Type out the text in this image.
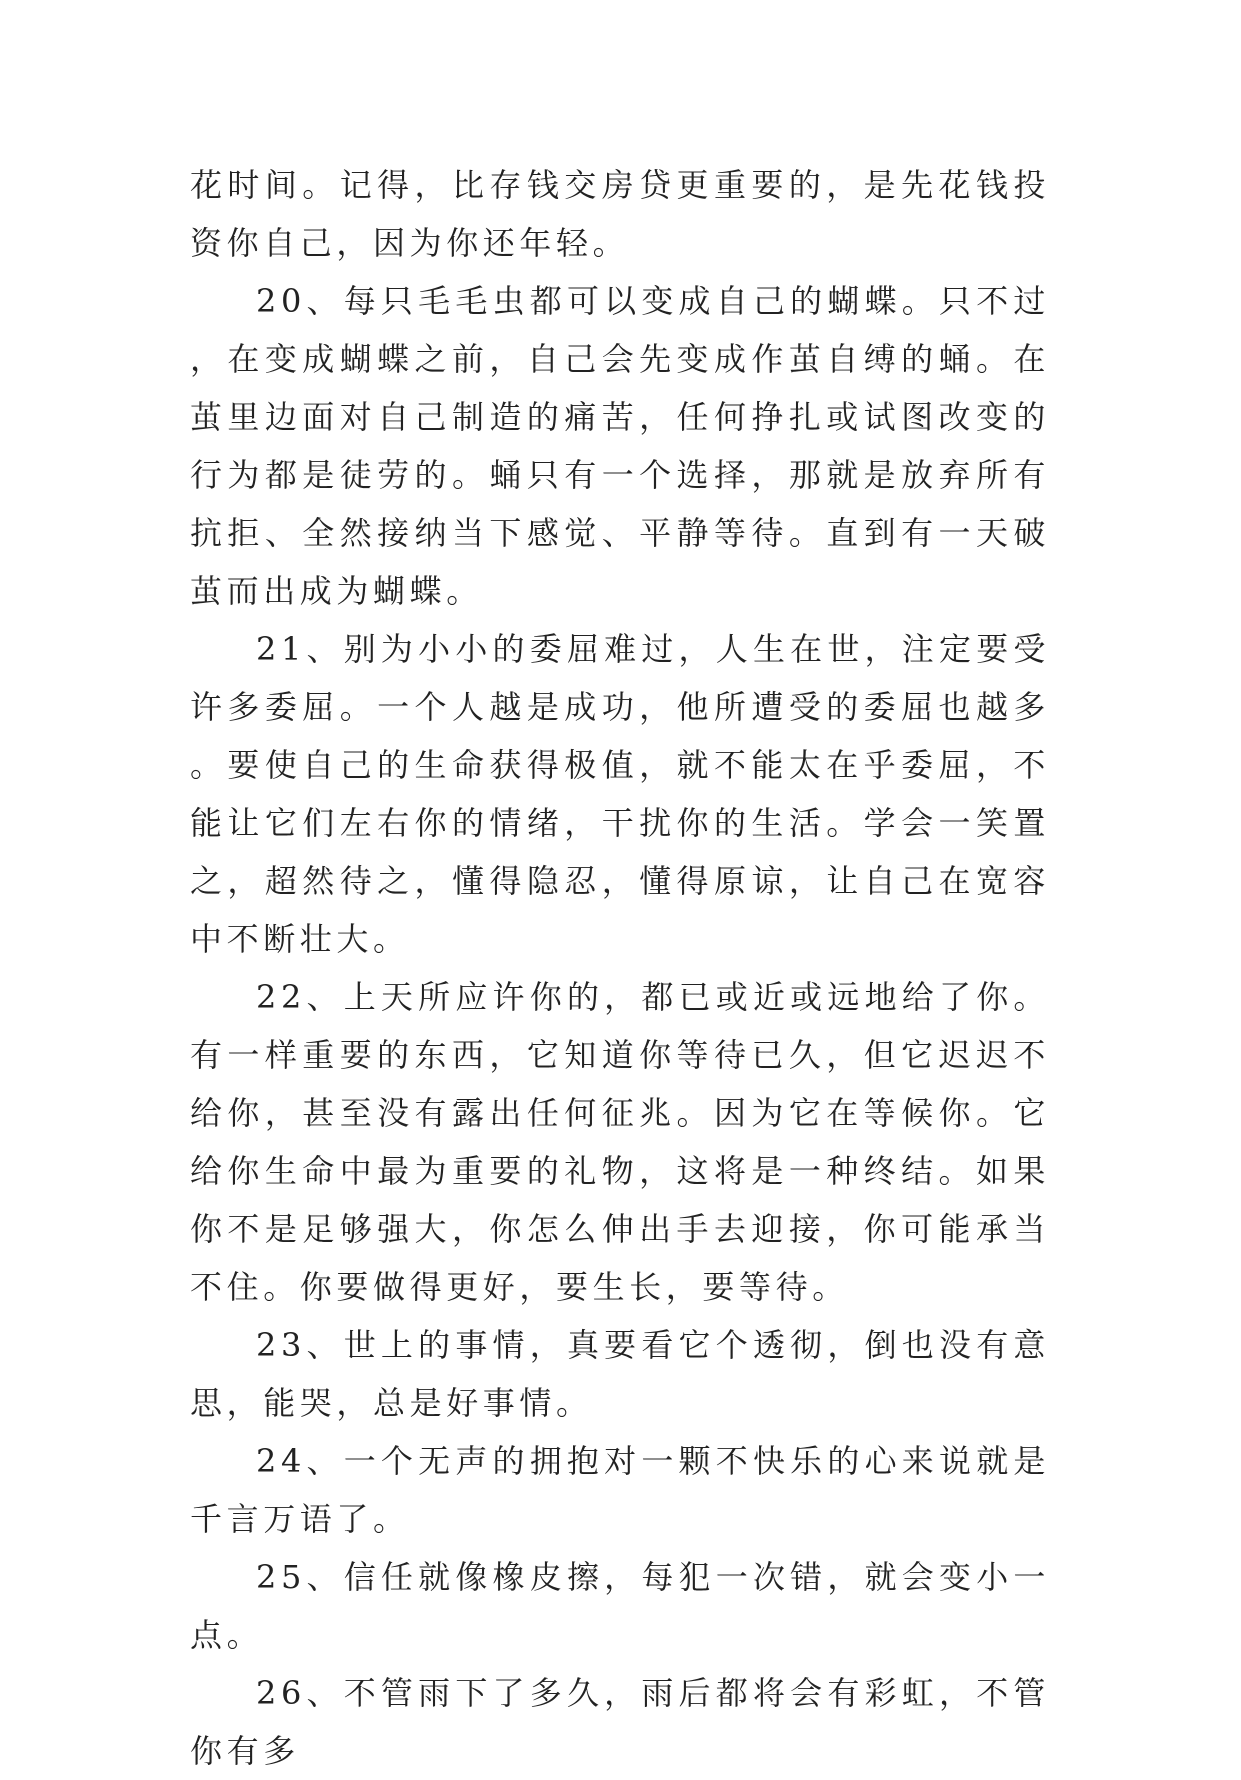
花时间。记得，比存钱交房贷更重要的，是先花钱投资你自己，因为你还年轻。

20、每只毛毛虫都可以变成自己的蝴蝶。只不过，在变成蝴蝶之前，自己会先变成作茧自缚的蛹。在茧里边面对自己制造的痛苦，任何挣扎或试图改变的行为都是徒劳的。蛹只有一个选择，那就是放弃所有抗拒、全然接纳当下感觉、平静等待。直到有一天破茧而出成为蝴蝶。

21、别为小小的委屈难过，人生在世，注定要受许多委屈。一个人越是成功，他所遭受的委屈也越多。要使自己的生命获得极值，就不能太在乎委屈，不能让它们左右你的情绪，干扰你的生活。学会一笑置之，超然待之，懂得隐忍，懂得原谅，让自己在宽容中不断壮大。

22、上天所应许你的，都已或近或远地给了你。有一样重要的东西，它知道你等待已久，但它迟迟不给你，甚至没有露出任何征兆。因为它在等候你。它给你生命中最为重要的礼物，这将是一种终结。如果你不是足够强大，你怎么伸出手去迎接，你可能承当不住。你要做得更好，要生长，要等待。

23、世上的事情，真要看它个透彻，倒也没有意思，能哭，总是好事情。

24、一个无声的拥抱对一颗不快乐的心来说就是千言万语了。

25、信任就像橡皮擦，每犯一次错，就会变小一点。

26、不管雨下了多久，雨后都将会有彩虹，不管你有多
